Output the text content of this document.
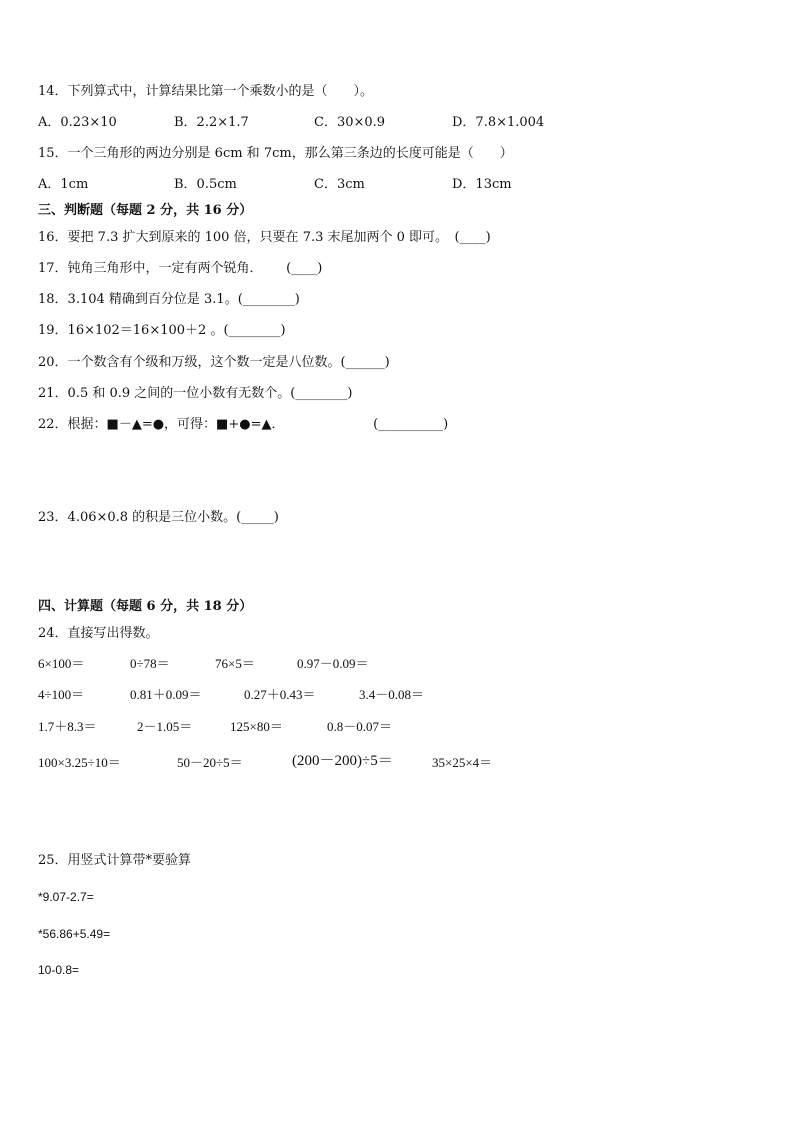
14．下列算式中，计算结果比第一个乘数小的是（　　）。
A．0.23×10	B．2.2×1.7	C．30×0.9	D．7.8×1.004
15．一个三角形的两边分别是 6cm 和 7cm，那么第三条边的长度可能是（　　）
A．1cm	B．0.5cm	C．3cm	D．13cm
三、判断题（每题 2 分，共 16 分）
16．要把 7.3 扩大到原来的 100 倍，只要在 7.3 末尾加两个 0 即可。　(____)
17．钝角三角形中，一定有两个锐角．　　 (____)
18．3.104 精确到百分位是 3.1。(________)
19．16×102＝16×100＋2 。(________)
20．一个数含有个级和万级，这个数一定是八位数。(______)
21．0.5 和 0.9 之间的一位小数有无数个。(________)
22．根据：■－▲=●，可得：■+●=▲．　　　　　　　 (__________)
23．4.06×0.8 的积是三位小数。(_____)
四、计算题（每题 6 分，共 18 分）
24．直接写出得数。
6×100＝	0÷78＝	76×5＝	0.97－0.09＝
4÷100＝	0.81＋0.09＝	0.27＋0.43＝	3.4－0.08＝
1.7＋8.3＝	2－1.05＝	125×80＝	0.8－0.07＝
100×3.25÷10＝	50－20÷5＝	(200－200)÷5＝	35×25×4＝
25．用竖式计算带*要验算
*9.07-2.7=
*56.86+5.49=
10-0.8=
